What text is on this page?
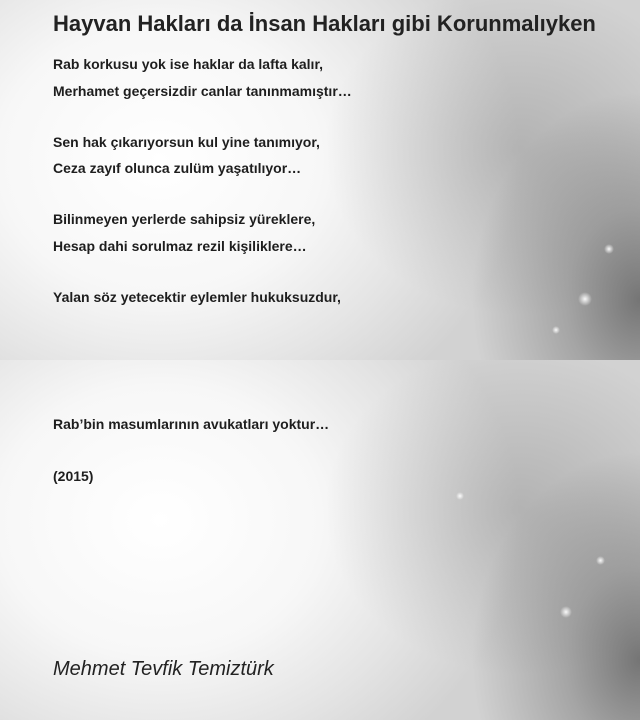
Hayvan Hakları da İnsan Hakları gibi Korunmalıyken
Rab korkusu yok ise haklar da lafta kalır,
Merhamet geçersizdir canlar tanınmamıştır…
Sen hak çıkarıyorsun kul yine tanımıyor,
Ceza zayıf olunca zulüm yaşatılıyor…
Bilinmeyen yerlerde sahipsiz yüreklere,
Hesap dahi sorulmaz rezil kişiliklere…
Yalan söz yetecektir eylemler hukuksuzdur,
Rab’bin masumlarının avukatları yoktur…
(2015)
Mehmet Tevfik Temiztürk
